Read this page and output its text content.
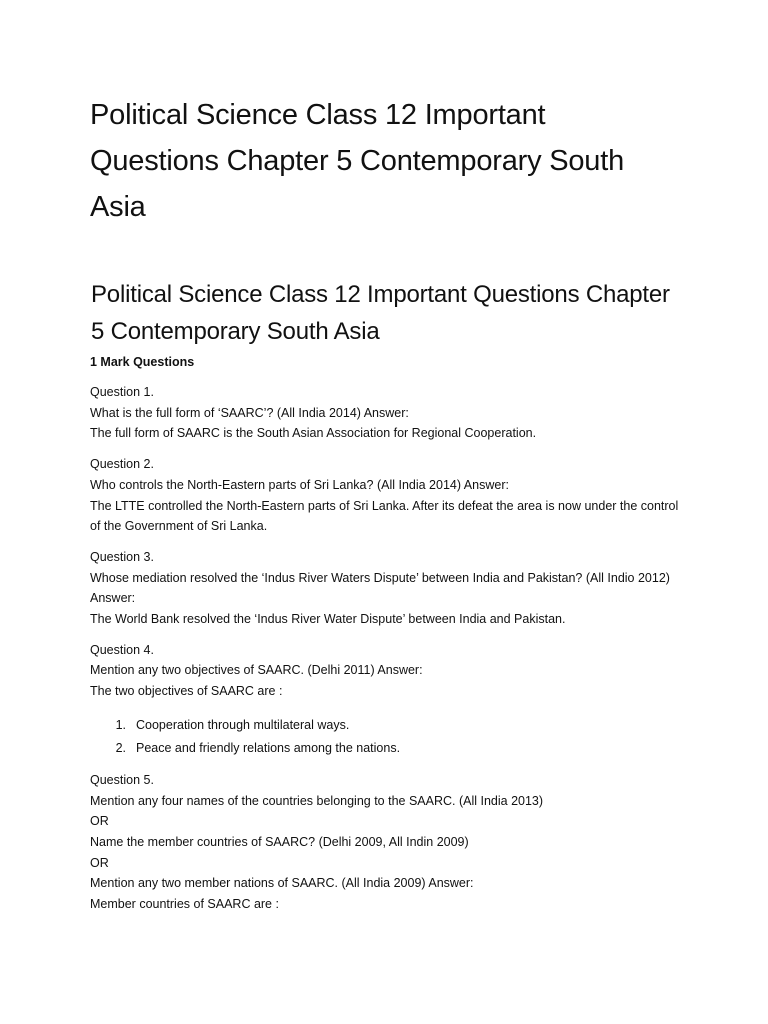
Political Science Class 12 Important Questions Chapter 5 Contemporary South Asia
Political Science Class 12 Important Questions Chapter 5 Contemporary South Asia

1 Mark Questions

Question 1.

What is the full form of ‘SAARC’? (All India 2014) Answer:

The full form of SAARC is the South Asian Association for Regional Cooperation.

Question 2.

Who controls the North-Eastern parts of Sri Lanka? (All India 2014) Answer:

The LTTE controlled the North-Eastern parts of Sri Lanka. After its defeat the area is now under the control of the Government of Sri Lanka.

Question 3.

Whose mediation resolved the ‘Indus River Waters Dispute’ between India and Pakistan? (All Indio 2012) Answer:

The World Bank resolved the ‘Indus River Water Dispute’ between India and Pakistan.

Question 4.

Mention any two objectives of SAARC. (Delhi 2011) Answer:

The two objectives of SAARC are :

1. Cooperation through multilateral ways.
2. Peace and friendly relations among the nations.

Question 5.

Mention any four names of the countries belonging to the SAARC. (All India 2013)

OR

Name the member countries of SAARC? (Delhi 2009, All Indin 2009)

OR

Mention any two member nations of SAARC. (All India 2009) Answer:

Member countries of SAARC are :
